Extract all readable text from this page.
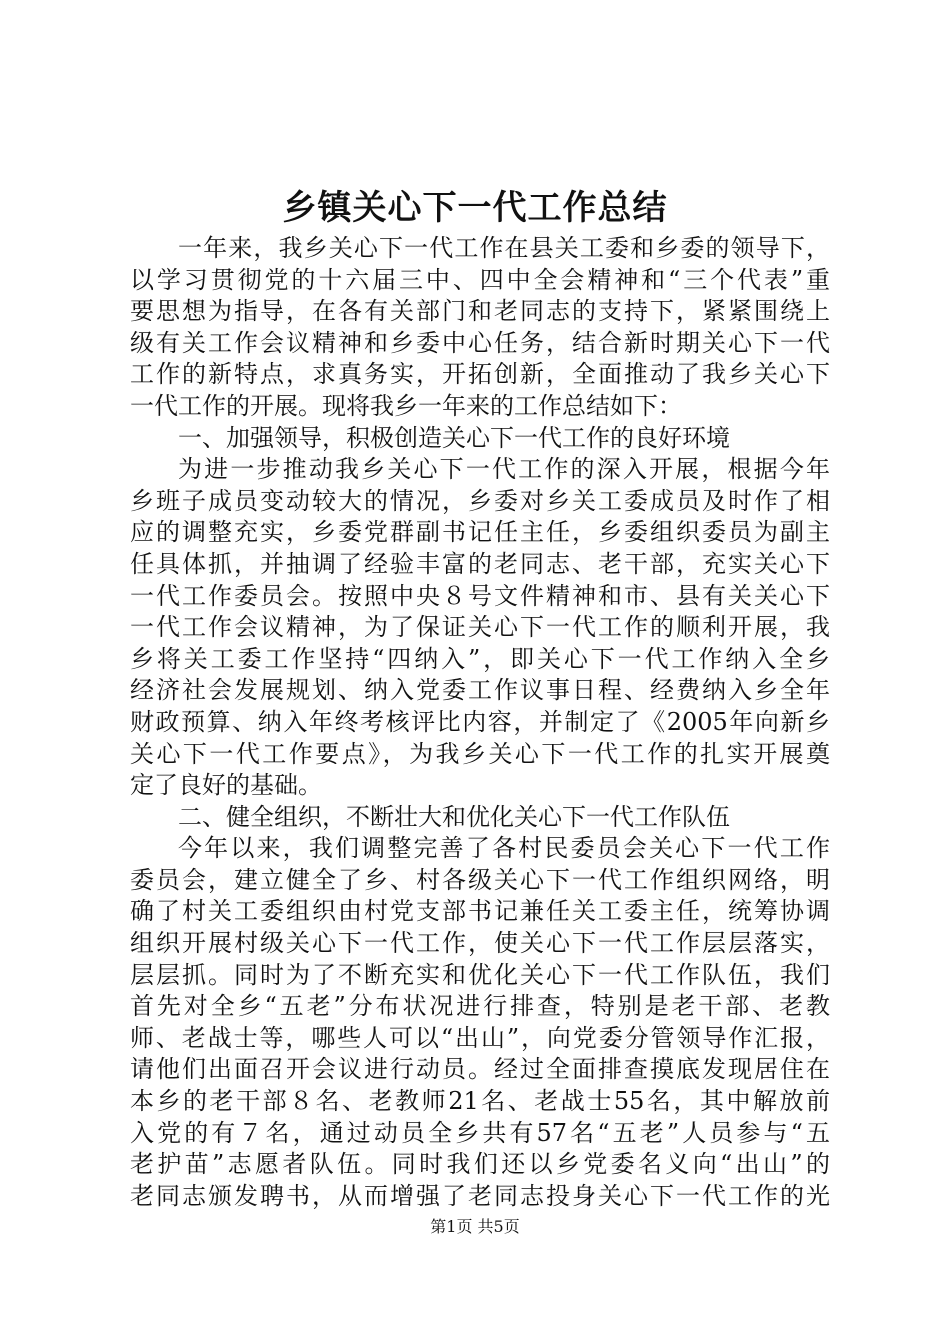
乡镇关心下一代工作总结
一年来，我乡关心下一代工作在县关工委和乡委的领导下，
以学习贯彻党的十六届三中、四中全会精神和“三个代表”重
要思想为指导，在各有关部门和老同志的支持下，紧紧围绕上
级有关工作会议精神和乡委中心任务，结合新时期关心下一代
工作的新特点，求真务实，开拓创新，全面推动了我乡关心下
一代工作的开展。现将我乡一年来的工作总结如下：
一、加强领导，积极创造关心下一代工作的良好环境
为进一步推动我乡关心下一代工作的深入开展，根据今年
乡班子成员变动较大的情况，乡委对乡关工委成员及时作了相
应的调整充实，乡委党群副书记任主任，乡委组织委员为副主
任具体抓，并抽调了经验丰富的老同志、老干部，充实关心下
一代工作委员会。按照中央８号文件精神和市、县有关关心下
一代工作会议精神，为了保证关心下一代工作的顺利开展，我
乡将关工委工作坚持“四纳入”，即关心下一代工作纳入全乡
经济社会发展规划、纳入党委工作议事日程、经费纳入乡全年
财政预算、纳入年终考核评比内容，并制定了《2005年向新乡
关心下一代工作要点》，为我乡关心下一代工作的扎实开展奠
定了良好的基础。
二、健全组织，不断壮大和优化关心下一代工作队伍
今年以来，我们调整完善了各村民委员会关心下一代工作
委员会，建立健全了乡、村各级关心下一代工作组织网络，明
确了村关工委组织由村党支部书记兼任关工委主任，统筹协调
组织开展村级关心下一代工作，使关心下一代工作层层落实，
层层抓。同时为了不断充实和优化关心下一代工作队伍，我们
首先对全乡“五老”分布状况进行排查，特别是老干部、老教
师、老战士等，哪些人可以“出山”，向党委分管领导作汇报，
请他们出面召开会议进行动员。经过全面排查摸底发现居住在
本乡的老干部８名、老教师21名、老战士55名，其中解放前
入党的有７名，通过动员全乡共有57名“五老”人员参与“五
老护苗”志愿者队伍。同时我们还以乡党委名义向“出山”的
老同志颁发聘书，从而增强了老同志投身关心下一代工作的光
第1页 共5页
